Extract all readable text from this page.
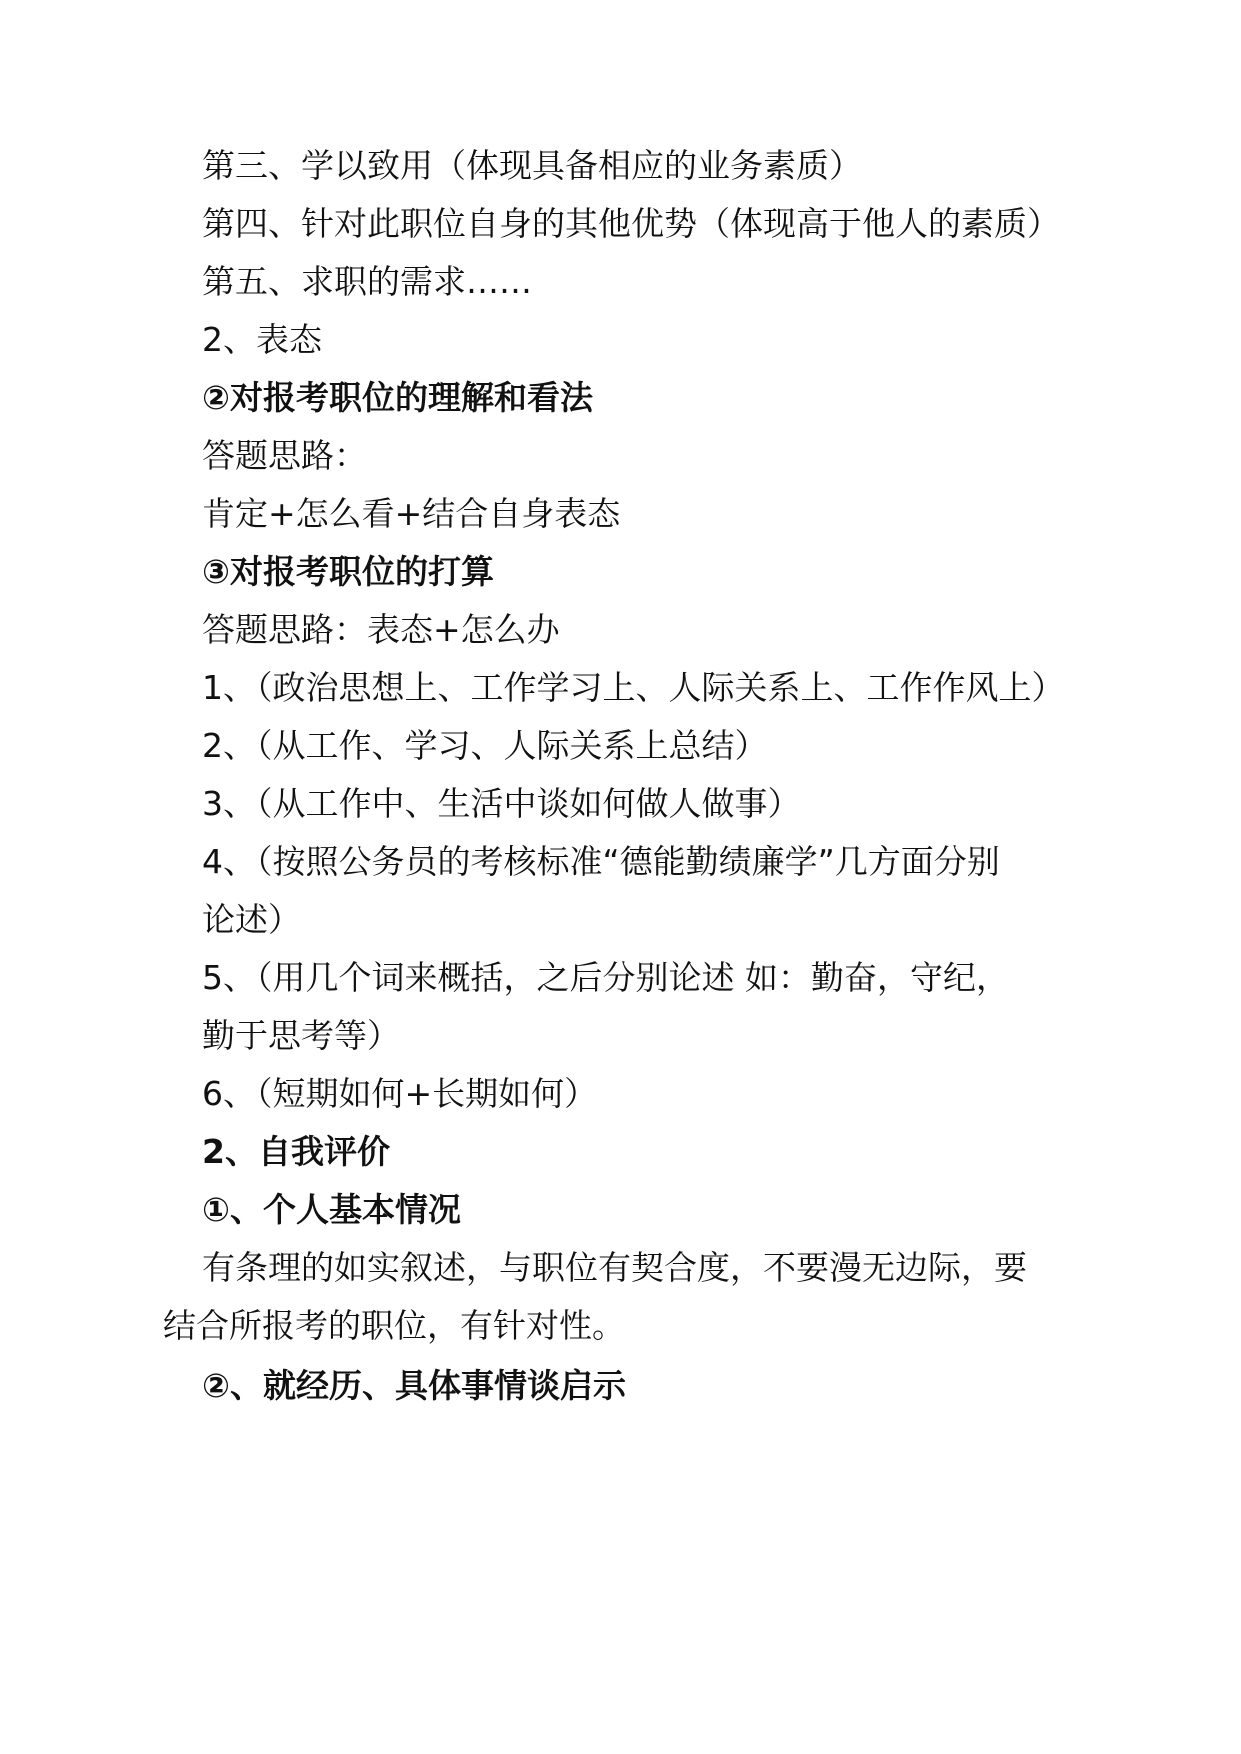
第三、学以致用（体现具备相应的业务素质）
第四、针对此职位自身的其他优势（体现高于他人的素质）
第五、求职的需求……
2、表态
②对报考职位的理解和看法
答题思路：
肯定+怎么看+结合自身表态
③对报考职位的打算
答题思路：表态+怎么办
1、（政治思想上、工作学习上、人际关系上、工作作风上）
2、（从工作、学习、人际关系上总结）
3、（从工作中、生活中谈如何做人做事）
4、（按照公务员的考核标准“德能勤绩廉学”几方面分别
论述）
5、（用几个词来概括，之后分别论述 如：勤奋，守纪，
勤于思考等）
6、（短期如何+长期如何）
2、自我评价
①、个人基本情况
有条理的如实叙述，与职位有契合度，不要漫无边际，要
结合所报考的职位，有针对性。
②、就经历、具体事情谈启示
